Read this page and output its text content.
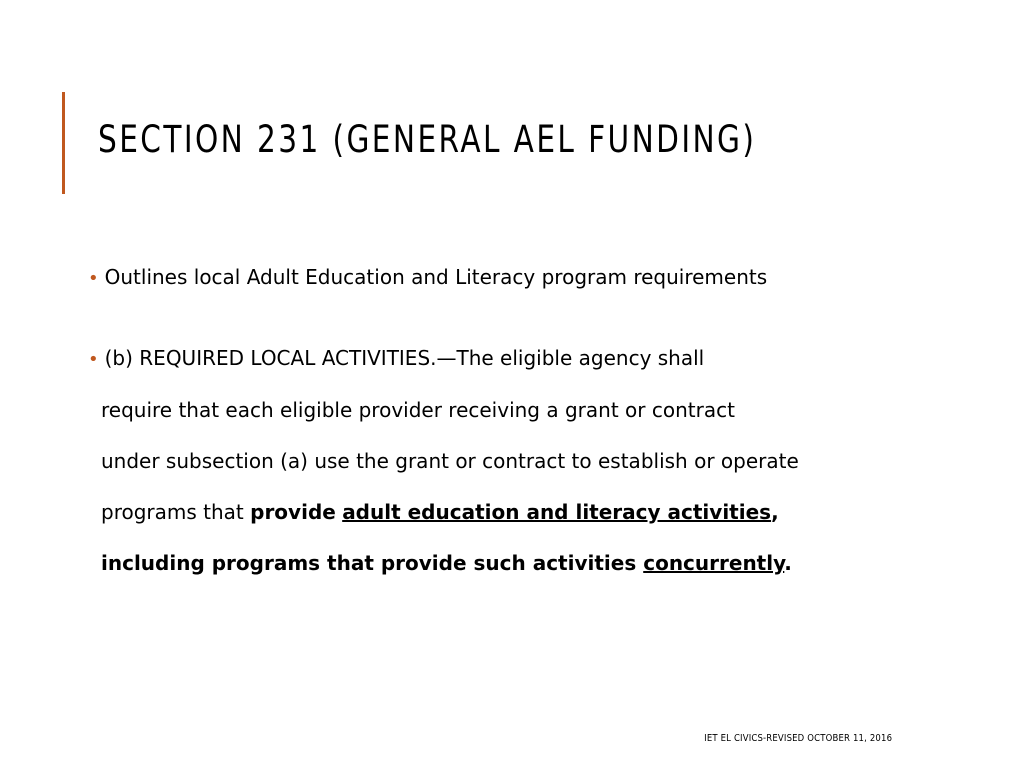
SECTION 231 (GENERAL AEL FUNDING)
• Outlines local Adult Education and Literacy program requirements
• (b) REQUIRED LOCAL ACTIVITIES.—The eligible agency shall
require that each eligible provider receiving a grant or contract
under subsection (a) use the grant or contract to establish or operate
programs that provide adult education and literacy activities,
including programs that provide such activities concurrently.
IET EL CIVICS-REVISED OCTOBER 11, 2016
